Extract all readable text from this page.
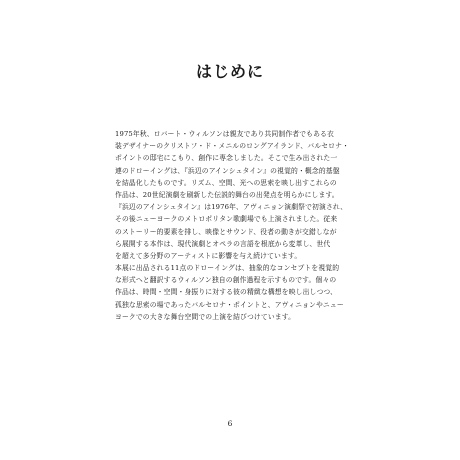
はじめに
1975年秋、ロバート・ウィルソンは親友であり共同制作者でもある衣
装デザイナーのクリストフ・ド・メニルのロングアイランド、バルセロナ・
ポイントの邸宅にこもり、創作に専念しました。そこで生み出された一
連のドローイングは、『浜辺のアインシュタイン』の視覚的・概念的基盤
を結晶化したものです。リズム、空間、光への思索を映し出すこれらの
作品は、20世紀演劇を刷新した伝説的舞台の出発点を明らかにします。
『浜辺のアインシュタイン』は1976年、アヴィニョン演劇祭で初演され、
その後ニューヨークのメトロポリタン歌劇場でも上演されました。従来
のストーリー的要素を排し、映像とサウンド、役者の動きが交錯しなが
ら展開する本作は、現代演劇とオペラの言語を根底から変革し、世代
を超えて多分野のアーティストに影響を与え続けています。
本展に出品される11点のドローイングは、抽象的なコンセプトを視覚的
な形式へと翻訳するウィルソン独自の創作過程を示すものです。個々の
作品は、時間・空間・身振りに対する彼の精緻な構想を映し出しつつ、
孤独な思索の場であったバルセロナ・ポイントと、アヴィニョンやニュー
ヨークでの大きな舞台空間での上演を結びつけています。
6
